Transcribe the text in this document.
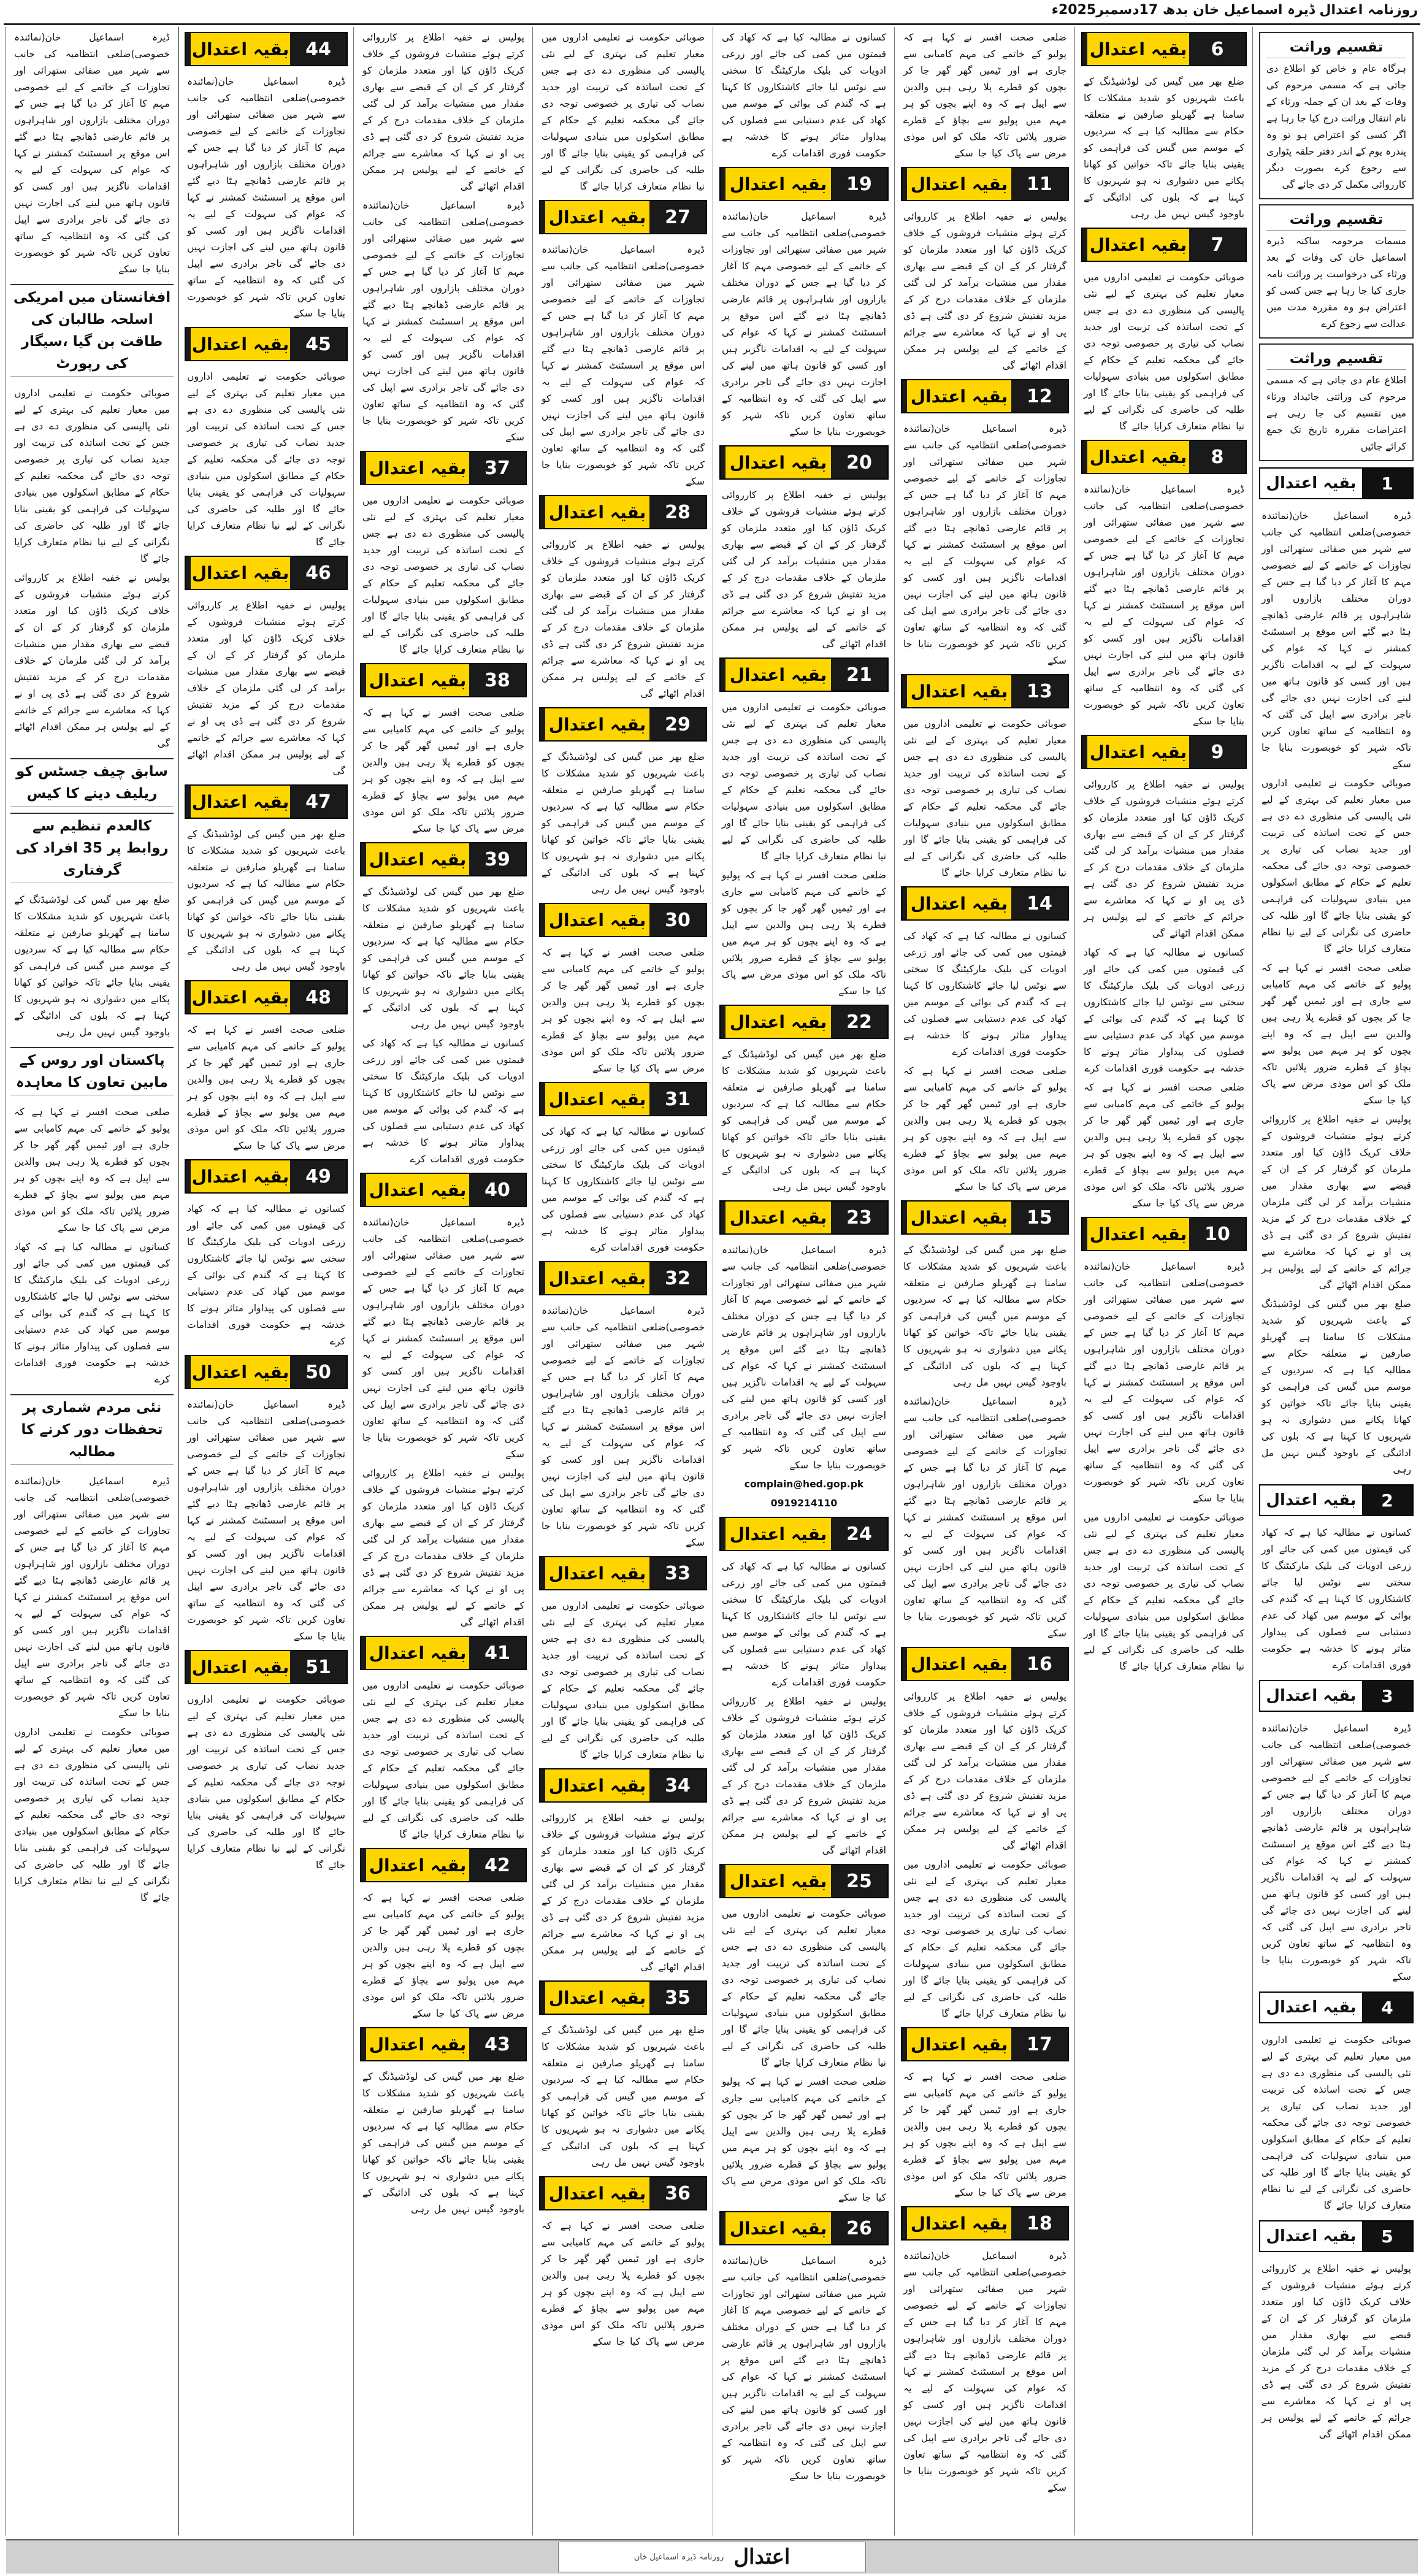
روزنامہ اعتدال ڈیرہ اسماعیل خان بدھ 17دسمبر2025ء
تقسیم وراثت
ہرگاہ عام و خاص کو اطلاع دی جاتی ہے کہ مسمی مرحوم کی وفات کے بعد ان کے جملہ ورثاء کے نام انتقال وراثت درج کیا جا رہا ہے اگر کسی کو اعتراض ہو تو وہ پندرہ یوم کے اندر دفتر حلقہ پٹواری سے رجوع کرے بصورت دیگر کارروائی مکمل کر دی جائے گی
تقسیم وراثت
مسمات مرحومہ ساکنہ ڈیرہ اسماعیل خان کی وفات کے بعد ورثاء کی درخواست پر وراثت نامہ جاری کیا جا رہا ہے جس کسی کو اعتراض ہو وہ مقررہ مدت میں عدالت سے رجوع کرے
تقسیم وراثت
اطلاع عام دی جاتی ہے کہ مسمی مرحوم کی وراثتی جائیداد ورثاء میں تقسیم کی جا رہی ہے اعتراضات مقررہ تاریخ تک جمع کرائے جائیں
بقیہ اعتدال	1
ڈیرہ اسماعیل خان(نمائندہ خصوصی)ضلعی انتظامیہ کی جانب سے شہر میں صفائی ستھرائی اور تجاوزات کے خاتمے کے لیے خصوصی مہم کا آغاز کر دیا گیا ہے جس کے دوران مختلف بازاروں اور شاہراہوں پر قائم عارضی ڈھانچے ہٹا دیے گئے اس موقع پر اسسٹنٹ کمشنر نے کہا کہ عوام کی سہولت کے لیے یہ اقدامات ناگزیر ہیں اور کسی کو قانون ہاتھ میں لینے کی اجازت نہیں دی جائے گی تاجر برادری سے اپیل کی گئی کہ وہ انتظامیہ کے ساتھ تعاون کریں تاکہ شہر کو خوبصورت بنایا جا سکے
صوبائی حکومت نے تعلیمی اداروں میں معیار تعلیم کی بہتری کے لیے نئی پالیسی کی منظوری دے دی ہے جس کے تحت اساتذہ کی تربیت اور جدید نصاب کی تیاری پر خصوصی توجہ دی جائے گی محکمہ تعلیم کے حکام کے مطابق اسکولوں میں بنیادی سہولیات کی فراہمی کو یقینی بنایا جائے گا اور طلبہ کی حاضری کی نگرانی کے لیے نیا نظام متعارف کرایا جائے گا
ضلعی صحت افسر نے کہا ہے کہ پولیو کے خاتمے کی مہم کامیابی سے جاری ہے اور ٹیمیں گھر گھر جا کر بچوں کو قطرے پلا رہی ہیں والدین سے اپیل ہے کہ وہ اپنے بچوں کو ہر مہم میں پولیو سے بچاؤ کے قطرے ضرور پلائیں تاکہ ملک کو اس موذی مرض سے پاک کیا جا سکے
پولیس نے خفیہ اطلاع پر کارروائی کرتے ہوئے منشیات فروشوں کے خلاف کریک ڈاؤن کیا اور متعدد ملزمان کو گرفتار کر کے ان کے قبضے سے بھاری مقدار میں منشیات برآمد کر لی گئی ملزمان کے خلاف مقدمات درج کر کے مزید تفتیش شروع کر دی گئی ہے ڈی پی او نے کہا کہ معاشرے سے جرائم کے خاتمے کے لیے پولیس ہر ممکن اقدام اٹھائے گی
ضلع بھر میں گیس کی لوڈشیڈنگ کے باعث شہریوں کو شدید مشکلات کا سامنا ہے گھریلو صارفین نے متعلقہ حکام سے مطالبہ کیا ہے کہ سردیوں کے موسم میں گیس کی فراہمی کو یقینی بنایا جائے تاکہ خواتین کو کھانا پکانے میں دشواری نہ ہو شہریوں کا کہنا ہے کہ بلوں کی ادائیگی کے باوجود گیس نہیں مل رہی
بقیہ اعتدال	2
کسانوں نے مطالبہ کیا ہے کہ کھاد کی قیمتوں میں کمی کی جائے اور زرعی ادویات کی بلیک مارکیٹنگ کا سختی سے نوٹس لیا جائے کاشتکاروں کا کہنا ہے کہ گندم کی بوائی کے موسم میں کھاد کی عدم دستیابی سے فصلوں کی پیداوار متاثر ہونے کا خدشہ ہے حکومت فوری اقدامات کرے
بقیہ اعتدال	3
ڈیرہ اسماعیل خان(نمائندہ خصوصی)ضلعی انتظامیہ کی جانب سے شہر میں صفائی ستھرائی اور تجاوزات کے خاتمے کے لیے خصوصی مہم کا آغاز کر دیا گیا ہے جس کے دوران مختلف بازاروں اور شاہراہوں پر قائم عارضی ڈھانچے ہٹا دیے گئے اس موقع پر اسسٹنٹ کمشنر نے کہا کہ عوام کی سہولت کے لیے یہ اقدامات ناگزیر ہیں اور کسی کو قانون ہاتھ میں لینے کی اجازت نہیں دی جائے گی تاجر برادری سے اپیل کی گئی کہ وہ انتظامیہ کے ساتھ تعاون کریں تاکہ شہر کو خوبصورت بنایا جا سکے
بقیہ اعتدال	4
صوبائی حکومت نے تعلیمی اداروں میں معیار تعلیم کی بہتری کے لیے نئی پالیسی کی منظوری دے دی ہے جس کے تحت اساتذہ کی تربیت اور جدید نصاب کی تیاری پر خصوصی توجہ دی جائے گی محکمہ تعلیم کے حکام کے مطابق اسکولوں میں بنیادی سہولیات کی فراہمی کو یقینی بنایا جائے گا اور طلبہ کی حاضری کی نگرانی کے لیے نیا نظام متعارف کرایا جائے گا
بقیہ اعتدال	5
پولیس نے خفیہ اطلاع پر کارروائی کرتے ہوئے منشیات فروشوں کے خلاف کریک ڈاؤن کیا اور متعدد ملزمان کو گرفتار کر کے ان کے قبضے سے بھاری مقدار میں منشیات برآمد کر لی گئی ملزمان کے خلاف مقدمات درج کر کے مزید تفتیش شروع کر دی گئی ہے ڈی پی او نے کہا کہ معاشرے سے جرائم کے خاتمے کے لیے پولیس ہر ممکن اقدام اٹھائے گی
بقیہ اعتدال	6
ضلع بھر میں گیس کی لوڈشیڈنگ کے باعث شہریوں کو شدید مشکلات کا سامنا ہے گھریلو صارفین نے متعلقہ حکام سے مطالبہ کیا ہے کہ سردیوں کے موسم میں گیس کی فراہمی کو یقینی بنایا جائے تاکہ خواتین کو کھانا پکانے میں دشواری نہ ہو شہریوں کا کہنا ہے کہ بلوں کی ادائیگی کے باوجود گیس نہیں مل رہی
بقیہ اعتدال	7
صوبائی حکومت نے تعلیمی اداروں میں معیار تعلیم کی بہتری کے لیے نئی پالیسی کی منظوری دے دی ہے جس کے تحت اساتذہ کی تربیت اور جدید نصاب کی تیاری پر خصوصی توجہ دی جائے گی محکمہ تعلیم کے حکام کے مطابق اسکولوں میں بنیادی سہولیات کی فراہمی کو یقینی بنایا جائے گا اور طلبہ کی حاضری کی نگرانی کے لیے نیا نظام متعارف کرایا جائے گا
بقیہ اعتدال	8
ڈیرہ اسماعیل خان(نمائندہ خصوصی)ضلعی انتظامیہ کی جانب سے شہر میں صفائی ستھرائی اور تجاوزات کے خاتمے کے لیے خصوصی مہم کا آغاز کر دیا گیا ہے جس کے دوران مختلف بازاروں اور شاہراہوں پر قائم عارضی ڈھانچے ہٹا دیے گئے اس موقع پر اسسٹنٹ کمشنر نے کہا کہ عوام کی سہولت کے لیے یہ اقدامات ناگزیر ہیں اور کسی کو قانون ہاتھ میں لینے کی اجازت نہیں دی جائے گی تاجر برادری سے اپیل کی گئی کہ وہ انتظامیہ کے ساتھ تعاون کریں تاکہ شہر کو خوبصورت بنایا جا سکے
بقیہ اعتدال	9
پولیس نے خفیہ اطلاع پر کارروائی کرتے ہوئے منشیات فروشوں کے خلاف کریک ڈاؤن کیا اور متعدد ملزمان کو گرفتار کر کے ان کے قبضے سے بھاری مقدار میں منشیات برآمد کر لی گئی ملزمان کے خلاف مقدمات درج کر کے مزید تفتیش شروع کر دی گئی ہے ڈی پی او نے کہا کہ معاشرے سے جرائم کے خاتمے کے لیے پولیس ہر ممکن اقدام اٹھائے گی
کسانوں نے مطالبہ کیا ہے کہ کھاد کی قیمتوں میں کمی کی جائے اور زرعی ادویات کی بلیک مارکیٹنگ کا سختی سے نوٹس لیا جائے کاشتکاروں کا کہنا ہے کہ گندم کی بوائی کے موسم میں کھاد کی عدم دستیابی سے فصلوں کی پیداوار متاثر ہونے کا خدشہ ہے حکومت فوری اقدامات کرے
ضلعی صحت افسر نے کہا ہے کہ پولیو کے خاتمے کی مہم کامیابی سے جاری ہے اور ٹیمیں گھر گھر جا کر بچوں کو قطرے پلا رہی ہیں والدین سے اپیل ہے کہ وہ اپنے بچوں کو ہر مہم میں پولیو سے بچاؤ کے قطرے ضرور پلائیں تاکہ ملک کو اس موذی مرض سے پاک کیا جا سکے
بقیہ اعتدال 10
ڈیرہ اسماعیل خان(نمائندہ خصوصی)ضلعی انتظامیہ کی جانب سے شہر میں صفائی ستھرائی اور تجاوزات کے خاتمے کے لیے خصوصی مہم کا آغاز کر دیا گیا ہے جس کے دوران مختلف بازاروں اور شاہراہوں پر قائم عارضی ڈھانچے ہٹا دیے گئے اس موقع پر اسسٹنٹ کمشنر نے کہا کہ عوام کی سہولت کے لیے یہ اقدامات ناگزیر ہیں اور کسی کو قانون ہاتھ میں لینے کی اجازت نہیں دی جائے گی تاجر برادری سے اپیل کی گئی کہ وہ انتظامیہ کے ساتھ تعاون کریں تاکہ شہر کو خوبصورت بنایا جا سکے
صوبائی حکومت نے تعلیمی اداروں میں معیار تعلیم کی بہتری کے لیے نئی پالیسی کی منظوری دے دی ہے جس کے تحت اساتذہ کی تربیت اور جدید نصاب کی تیاری پر خصوصی توجہ دی جائے گی محکمہ تعلیم کے حکام کے مطابق اسکولوں میں بنیادی سہولیات کی فراہمی کو یقینی بنایا جائے گا اور طلبہ کی حاضری کی نگرانی کے لیے نیا نظام متعارف کرایا جائے گا
ضلعی صحت افسر نے کہا ہے کہ پولیو کے خاتمے کی مہم کامیابی سے جاری ہے اور ٹیمیں گھر گھر جا کر بچوں کو قطرے پلا رہی ہیں والدین سے اپیل ہے کہ وہ اپنے بچوں کو ہر مہم میں پولیو سے بچاؤ کے قطرے ضرور پلائیں تاکہ ملک کو اس موذی مرض سے پاک کیا جا سکے
بقیہ اعتدال	11
پولیس نے خفیہ اطلاع پر کارروائی کرتے ہوئے منشیات فروشوں کے خلاف کریک ڈاؤن کیا اور متعدد ملزمان کو گرفتار کر کے ان کے قبضے سے بھاری مقدار میں منشیات برآمد کر لی گئی ملزمان کے خلاف مقدمات درج کر کے مزید تفتیش شروع کر دی گئی ہے ڈی پی او نے کہا کہ معاشرے سے جرائم کے خاتمے کے لیے پولیس ہر ممکن اقدام اٹھائے گی
بقیہ اعتدال	12
ڈیرہ اسماعیل خان(نمائندہ خصوصی)ضلعی انتظامیہ کی جانب سے شہر میں صفائی ستھرائی اور تجاوزات کے خاتمے کے لیے خصوصی مہم کا آغاز کر دیا گیا ہے جس کے دوران مختلف بازاروں اور شاہراہوں پر قائم عارضی ڈھانچے ہٹا دیے گئے اس موقع پر اسسٹنٹ کمشنر نے کہا کہ عوام کی سہولت کے لیے یہ اقدامات ناگزیر ہیں اور کسی کو قانون ہاتھ میں لینے کی اجازت نہیں دی جائے گی تاجر برادری سے اپیل کی گئی کہ وہ انتظامیہ کے ساتھ تعاون کریں تاکہ شہر کو خوبصورت بنایا جا سکے
بقیہ اعتدال	13
صوبائی حکومت نے تعلیمی اداروں میں معیار تعلیم کی بہتری کے لیے نئی پالیسی کی منظوری دے دی ہے جس کے تحت اساتذہ کی تربیت اور جدید نصاب کی تیاری پر خصوصی توجہ دی جائے گی محکمہ تعلیم کے حکام کے مطابق اسکولوں میں بنیادی سہولیات کی فراہمی کو یقینی بنایا جائے گا اور طلبہ کی حاضری کی نگرانی کے لیے نیا نظام متعارف کرایا جائے گا
بقیہ اعتدال	14
کسانوں نے مطالبہ کیا ہے کہ کھاد کی قیمتوں میں کمی کی جائے اور زرعی ادویات کی بلیک مارکیٹنگ کا سختی سے نوٹس لیا جائے کاشتکاروں کا کہنا ہے کہ گندم کی بوائی کے موسم میں کھاد کی عدم دستیابی سے فصلوں کی پیداوار متاثر ہونے کا خدشہ ہے حکومت فوری اقدامات کرے
ضلعی صحت افسر نے کہا ہے کہ پولیو کے خاتمے کی مہم کامیابی سے جاری ہے اور ٹیمیں گھر گھر جا کر بچوں کو قطرے پلا رہی ہیں والدین سے اپیل ہے کہ وہ اپنے بچوں کو ہر مہم میں پولیو سے بچاؤ کے قطرے ضرور پلائیں تاکہ ملک کو اس موذی مرض سے پاک کیا جا سکے
بقیہ اعتدال	15
ضلع بھر میں گیس کی لوڈشیڈنگ کے باعث شہریوں کو شدید مشکلات کا سامنا ہے گھریلو صارفین نے متعلقہ حکام سے مطالبہ کیا ہے کہ سردیوں کے موسم میں گیس کی فراہمی کو یقینی بنایا جائے تاکہ خواتین کو کھانا پکانے میں دشواری نہ ہو شہریوں کا کہنا ہے کہ بلوں کی ادائیگی کے باوجود گیس نہیں مل رہی
ڈیرہ اسماعیل خان(نمائندہ خصوصی)ضلعی انتظامیہ کی جانب سے شہر میں صفائی ستھرائی اور تجاوزات کے خاتمے کے لیے خصوصی مہم کا آغاز کر دیا گیا ہے جس کے دوران مختلف بازاروں اور شاہراہوں پر قائم عارضی ڈھانچے ہٹا دیے گئے اس موقع پر اسسٹنٹ کمشنر نے کہا کہ عوام کی سہولت کے لیے یہ اقدامات ناگزیر ہیں اور کسی کو قانون ہاتھ میں لینے کی اجازت نہیں دی جائے گی تاجر برادری سے اپیل کی گئی کہ وہ انتظامیہ کے ساتھ تعاون کریں تاکہ شہر کو خوبصورت بنایا جا سکے
بقیہ اعتدال	16
پولیس نے خفیہ اطلاع پر کارروائی کرتے ہوئے منشیات فروشوں کے خلاف کریک ڈاؤن کیا اور متعدد ملزمان کو گرفتار کر کے ان کے قبضے سے بھاری مقدار میں منشیات برآمد کر لی گئی ملزمان کے خلاف مقدمات درج کر کے مزید تفتیش شروع کر دی گئی ہے ڈی پی او نے کہا کہ معاشرے سے جرائم کے خاتمے کے لیے پولیس ہر ممکن اقدام اٹھائے گی
صوبائی حکومت نے تعلیمی اداروں میں معیار تعلیم کی بہتری کے لیے نئی پالیسی کی منظوری دے دی ہے جس کے تحت اساتذہ کی تربیت اور جدید نصاب کی تیاری پر خصوصی توجہ دی جائے گی محکمہ تعلیم کے حکام کے مطابق اسکولوں میں بنیادی سہولیات کی فراہمی کو یقینی بنایا جائے گا اور طلبہ کی حاضری کی نگرانی کے لیے نیا نظام متعارف کرایا جائے گا
بقیہ اعتدال	17
ضلعی صحت افسر نے کہا ہے کہ پولیو کے خاتمے کی مہم کامیابی سے جاری ہے اور ٹیمیں گھر گھر جا کر بچوں کو قطرے پلا رہی ہیں والدین سے اپیل ہے کہ وہ اپنے بچوں کو ہر مہم میں پولیو سے بچاؤ کے قطرے ضرور پلائیں تاکہ ملک کو اس موذی مرض سے پاک کیا جا سکے
بقیہ اعتدال	18
ڈیرہ اسماعیل خان(نمائندہ خصوصی)ضلعی انتظامیہ کی جانب سے شہر میں صفائی ستھرائی اور تجاوزات کے خاتمے کے لیے خصوصی مہم کا آغاز کر دیا گیا ہے جس کے دوران مختلف بازاروں اور شاہراہوں پر قائم عارضی ڈھانچے ہٹا دیے گئے اس موقع پر اسسٹنٹ کمشنر نے کہا کہ عوام کی سہولت کے لیے یہ اقدامات ناگزیر ہیں اور کسی کو قانون ہاتھ میں لینے کی اجازت نہیں دی جائے گی تاجر برادری سے اپیل کی گئی کہ وہ انتظامیہ کے ساتھ تعاون کریں تاکہ شہر کو خوبصورت بنایا جا سکے
کسانوں نے مطالبہ کیا ہے کہ کھاد کی قیمتوں میں کمی کی جائے اور زرعی ادویات کی بلیک مارکیٹنگ کا سختی سے نوٹس لیا جائے کاشتکاروں کا کہنا ہے کہ گندم کی بوائی کے موسم میں کھاد کی عدم دستیابی سے فصلوں کی پیداوار متاثر ہونے کا خدشہ ہے حکومت فوری اقدامات کرے
بقیہ اعتدال	19
ڈیرہ اسماعیل خان(نمائندہ خصوصی)ضلعی انتظامیہ کی جانب سے شہر میں صفائی ستھرائی اور تجاوزات کے خاتمے کے لیے خصوصی مہم کا آغاز کر دیا گیا ہے جس کے دوران مختلف بازاروں اور شاہراہوں پر قائم عارضی ڈھانچے ہٹا دیے گئے اس موقع پر اسسٹنٹ کمشنر نے کہا کہ عوام کی سہولت کے لیے یہ اقدامات ناگزیر ہیں اور کسی کو قانون ہاتھ میں لینے کی اجازت نہیں دی جائے گی تاجر برادری سے اپیل کی گئی کہ وہ انتظامیہ کے ساتھ تعاون کریں تاکہ شہر کو خوبصورت بنایا جا سکے
بقیہ اعتدال	20
پولیس نے خفیہ اطلاع پر کارروائی کرتے ہوئے منشیات فروشوں کے خلاف کریک ڈاؤن کیا اور متعدد ملزمان کو گرفتار کر کے ان کے قبضے سے بھاری مقدار میں منشیات برآمد کر لی گئی ملزمان کے خلاف مقدمات درج کر کے مزید تفتیش شروع کر دی گئی ہے ڈی پی او نے کہا کہ معاشرے سے جرائم کے خاتمے کے لیے پولیس ہر ممکن اقدام اٹھائے گی
بقیہ اعتدال	21
صوبائی حکومت نے تعلیمی اداروں میں معیار تعلیم کی بہتری کے لیے نئی پالیسی کی منظوری دے دی ہے جس کے تحت اساتذہ کی تربیت اور جدید نصاب کی تیاری پر خصوصی توجہ دی جائے گی محکمہ تعلیم کے حکام کے مطابق اسکولوں میں بنیادی سہولیات کی فراہمی کو یقینی بنایا جائے گا اور طلبہ کی حاضری کی نگرانی کے لیے نیا نظام متعارف کرایا جائے گا
ضلعی صحت افسر نے کہا ہے کہ پولیو کے خاتمے کی مہم کامیابی سے جاری ہے اور ٹیمیں گھر گھر جا کر بچوں کو قطرے پلا رہی ہیں والدین سے اپیل ہے کہ وہ اپنے بچوں کو ہر مہم میں پولیو سے بچاؤ کے قطرے ضرور پلائیں تاکہ ملک کو اس موذی مرض سے پاک کیا جا سکے
بقیہ اعتدال	22
ضلع بھر میں گیس کی لوڈشیڈنگ کے باعث شہریوں کو شدید مشکلات کا سامنا ہے گھریلو صارفین نے متعلقہ حکام سے مطالبہ کیا ہے کہ سردیوں کے موسم میں گیس کی فراہمی کو یقینی بنایا جائے تاکہ خواتین کو کھانا پکانے میں دشواری نہ ہو شہریوں کا کہنا ہے کہ بلوں کی ادائیگی کے باوجود گیس نہیں مل رہی
بقیہ اعتدال	23
ڈیرہ اسماعیل خان(نمائندہ خصوصی)ضلعی انتظامیہ کی جانب سے شہر میں صفائی ستھرائی اور تجاوزات کے خاتمے کے لیے خصوصی مہم کا آغاز کر دیا گیا ہے جس کے دوران مختلف بازاروں اور شاہراہوں پر قائم عارضی ڈھانچے ہٹا دیے گئے اس موقع پر اسسٹنٹ کمشنر نے کہا کہ عوام کی سہولت کے لیے یہ اقدامات ناگزیر ہیں اور کسی کو قانون ہاتھ میں لینے کی اجازت نہیں دی جائے گی تاجر برادری سے اپیل کی گئی کہ وہ انتظامیہ کے ساتھ تعاون کریں تاکہ شہر کو خوبصورت بنایا جا سکے
complain@hed.gop.pk
0919214110
بقیہ اعتدال	24
کسانوں نے مطالبہ کیا ہے کہ کھاد کی قیمتوں میں کمی کی جائے اور زرعی ادویات کی بلیک مارکیٹنگ کا سختی سے نوٹس لیا جائے کاشتکاروں کا کہنا ہے کہ گندم کی بوائی کے موسم میں کھاد کی عدم دستیابی سے فصلوں کی پیداوار متاثر ہونے کا خدشہ ہے حکومت فوری اقدامات کرے
پولیس نے خفیہ اطلاع پر کارروائی کرتے ہوئے منشیات فروشوں کے خلاف کریک ڈاؤن کیا اور متعدد ملزمان کو گرفتار کر کے ان کے قبضے سے بھاری مقدار میں منشیات برآمد کر لی گئی ملزمان کے خلاف مقدمات درج کر کے مزید تفتیش شروع کر دی گئی ہے ڈی پی او نے کہا کہ معاشرے سے جرائم کے خاتمے کے لیے پولیس ہر ممکن اقدام اٹھائے گی
بقیہ اعتدال	25
صوبائی حکومت نے تعلیمی اداروں میں معیار تعلیم کی بہتری کے لیے نئی پالیسی کی منظوری دے دی ہے جس کے تحت اساتذہ کی تربیت اور جدید نصاب کی تیاری پر خصوصی توجہ دی جائے گی محکمہ تعلیم کے حکام کے مطابق اسکولوں میں بنیادی سہولیات کی فراہمی کو یقینی بنایا جائے گا اور طلبہ کی حاضری کی نگرانی کے لیے نیا نظام متعارف کرایا جائے گا
ضلعی صحت افسر نے کہا ہے کہ پولیو کے خاتمے کی مہم کامیابی سے جاری ہے اور ٹیمیں گھر گھر جا کر بچوں کو قطرے پلا رہی ہیں والدین سے اپیل ہے کہ وہ اپنے بچوں کو ہر مہم میں پولیو سے بچاؤ کے قطرے ضرور پلائیں تاکہ ملک کو اس موذی مرض سے پاک کیا جا سکے
بقیہ اعتدال	26
ڈیرہ اسماعیل خان(نمائندہ خصوصی)ضلعی انتظامیہ کی جانب سے شہر میں صفائی ستھرائی اور تجاوزات کے خاتمے کے لیے خصوصی مہم کا آغاز کر دیا گیا ہے جس کے دوران مختلف بازاروں اور شاہراہوں پر قائم عارضی ڈھانچے ہٹا دیے گئے اس موقع پر اسسٹنٹ کمشنر نے کہا کہ عوام کی سہولت کے لیے یہ اقدامات ناگزیر ہیں اور کسی کو قانون ہاتھ میں لینے کی اجازت نہیں دی جائے گی تاجر برادری سے اپیل کی گئی کہ وہ انتظامیہ کے ساتھ تعاون کریں تاکہ شہر کو خوبصورت بنایا جا سکے
صوبائی حکومت نے تعلیمی اداروں میں معیار تعلیم کی بہتری کے لیے نئی پالیسی کی منظوری دے دی ہے جس کے تحت اساتذہ کی تربیت اور جدید نصاب کی تیاری پر خصوصی توجہ دی جائے گی محکمہ تعلیم کے حکام کے مطابق اسکولوں میں بنیادی سہولیات کی فراہمی کو یقینی بنایا جائے گا اور طلبہ کی حاضری کی نگرانی کے لیے نیا نظام متعارف کرایا جائے گا
بقیہ اعتدال	27
ڈیرہ اسماعیل خان(نمائندہ خصوصی)ضلعی انتظامیہ کی جانب سے شہر میں صفائی ستھرائی اور تجاوزات کے خاتمے کے لیے خصوصی مہم کا آغاز کر دیا گیا ہے جس کے دوران مختلف بازاروں اور شاہراہوں پر قائم عارضی ڈھانچے ہٹا دیے گئے اس موقع پر اسسٹنٹ کمشنر نے کہا کہ عوام کی سہولت کے لیے یہ اقدامات ناگزیر ہیں اور کسی کو قانون ہاتھ میں لینے کی اجازت نہیں دی جائے گی تاجر برادری سے اپیل کی گئی کہ وہ انتظامیہ کے ساتھ تعاون کریں تاکہ شہر کو خوبصورت بنایا جا سکے
بقیہ اعتدال	28
پولیس نے خفیہ اطلاع پر کارروائی کرتے ہوئے منشیات فروشوں کے خلاف کریک ڈاؤن کیا اور متعدد ملزمان کو گرفتار کر کے ان کے قبضے سے بھاری مقدار میں منشیات برآمد کر لی گئی ملزمان کے خلاف مقدمات درج کر کے مزید تفتیش شروع کر دی گئی ہے ڈی پی او نے کہا کہ معاشرے سے جرائم کے خاتمے کے لیے پولیس ہر ممکن اقدام اٹھائے گی
بقیہ اعتدال	29
ضلع بھر میں گیس کی لوڈشیڈنگ کے باعث شہریوں کو شدید مشکلات کا سامنا ہے گھریلو صارفین نے متعلقہ حکام سے مطالبہ کیا ہے کہ سردیوں کے موسم میں گیس کی فراہمی کو یقینی بنایا جائے تاکہ خواتین کو کھانا پکانے میں دشواری نہ ہو شہریوں کا کہنا ہے کہ بلوں کی ادائیگی کے باوجود گیس نہیں مل رہی
بقیہ اعتدال	30
ضلعی صحت افسر نے کہا ہے کہ پولیو کے خاتمے کی مہم کامیابی سے جاری ہے اور ٹیمیں گھر گھر جا کر بچوں کو قطرے پلا رہی ہیں والدین سے اپیل ہے کہ وہ اپنے بچوں کو ہر مہم میں پولیو سے بچاؤ کے قطرے ضرور پلائیں تاکہ ملک کو اس موذی مرض سے پاک کیا جا سکے
بقیہ اعتدال	31
کسانوں نے مطالبہ کیا ہے کہ کھاد کی قیمتوں میں کمی کی جائے اور زرعی ادویات کی بلیک مارکیٹنگ کا سختی سے نوٹس لیا جائے کاشتکاروں کا کہنا ہے کہ گندم کی بوائی کے موسم میں کھاد کی عدم دستیابی سے فصلوں کی پیداوار متاثر ہونے کا خدشہ ہے حکومت فوری اقدامات کرے
بقیہ اعتدال	32
ڈیرہ اسماعیل خان(نمائندہ خصوصی)ضلعی انتظامیہ کی جانب سے شہر میں صفائی ستھرائی اور تجاوزات کے خاتمے کے لیے خصوصی مہم کا آغاز کر دیا گیا ہے جس کے دوران مختلف بازاروں اور شاہراہوں پر قائم عارضی ڈھانچے ہٹا دیے گئے اس موقع پر اسسٹنٹ کمشنر نے کہا کہ عوام کی سہولت کے لیے یہ اقدامات ناگزیر ہیں اور کسی کو قانون ہاتھ میں لینے کی اجازت نہیں دی جائے گی تاجر برادری سے اپیل کی گئی کہ وہ انتظامیہ کے ساتھ تعاون کریں تاکہ شہر کو خوبصورت بنایا جا سکے
بقیہ اعتدال	33
صوبائی حکومت نے تعلیمی اداروں میں معیار تعلیم کی بہتری کے لیے نئی پالیسی کی منظوری دے دی ہے جس کے تحت اساتذہ کی تربیت اور جدید نصاب کی تیاری پر خصوصی توجہ دی جائے گی محکمہ تعلیم کے حکام کے مطابق اسکولوں میں بنیادی سہولیات کی فراہمی کو یقینی بنایا جائے گا اور طلبہ کی حاضری کی نگرانی کے لیے نیا نظام متعارف کرایا جائے گا
بقیہ اعتدال	34
پولیس نے خفیہ اطلاع پر کارروائی کرتے ہوئے منشیات فروشوں کے خلاف کریک ڈاؤن کیا اور متعدد ملزمان کو گرفتار کر کے ان کے قبضے سے بھاری مقدار میں منشیات برآمد کر لی گئی ملزمان کے خلاف مقدمات درج کر کے مزید تفتیش شروع کر دی گئی ہے ڈی پی او نے کہا کہ معاشرے سے جرائم کے خاتمے کے لیے پولیس ہر ممکن اقدام اٹھائے گی
بقیہ اعتدال	35
ضلع بھر میں گیس کی لوڈشیڈنگ کے باعث شہریوں کو شدید مشکلات کا سامنا ہے گھریلو صارفین نے متعلقہ حکام سے مطالبہ کیا ہے کہ سردیوں کے موسم میں گیس کی فراہمی کو یقینی بنایا جائے تاکہ خواتین کو کھانا پکانے میں دشواری نہ ہو شہریوں کا کہنا ہے کہ بلوں کی ادائیگی کے باوجود گیس نہیں مل رہی
بقیہ اعتدال	36
ضلعی صحت افسر نے کہا ہے کہ پولیو کے خاتمے کی مہم کامیابی سے جاری ہے اور ٹیمیں گھر گھر جا کر بچوں کو قطرے پلا رہی ہیں والدین سے اپیل ہے کہ وہ اپنے بچوں کو ہر مہم میں پولیو سے بچاؤ کے قطرے ضرور پلائیں تاکہ ملک کو اس موذی مرض سے پاک کیا جا سکے
پولیس نے خفیہ اطلاع پر کارروائی کرتے ہوئے منشیات فروشوں کے خلاف کریک ڈاؤن کیا اور متعدد ملزمان کو گرفتار کر کے ان کے قبضے سے بھاری مقدار میں منشیات برآمد کر لی گئی ملزمان کے خلاف مقدمات درج کر کے مزید تفتیش شروع کر دی گئی ہے ڈی پی او نے کہا کہ معاشرے سے جرائم کے خاتمے کے لیے پولیس ہر ممکن اقدام اٹھائے گی
ڈیرہ اسماعیل خان(نمائندہ خصوصی)ضلعی انتظامیہ کی جانب سے شہر میں صفائی ستھرائی اور تجاوزات کے خاتمے کے لیے خصوصی مہم کا آغاز کر دیا گیا ہے جس کے دوران مختلف بازاروں اور شاہراہوں پر قائم عارضی ڈھانچے ہٹا دیے گئے اس موقع پر اسسٹنٹ کمشنر نے کہا کہ عوام کی سہولت کے لیے یہ اقدامات ناگزیر ہیں اور کسی کو قانون ہاتھ میں لینے کی اجازت نہیں دی جائے گی تاجر برادری سے اپیل کی گئی کہ وہ انتظامیہ کے ساتھ تعاون کریں تاکہ شہر کو خوبصورت بنایا جا سکے
بقیہ اعتدال 37
صوبائی حکومت نے تعلیمی اداروں میں معیار تعلیم کی بہتری کے لیے نئی پالیسی کی منظوری دے دی ہے جس کے تحت اساتذہ کی تربیت اور جدید نصاب کی تیاری پر خصوصی توجہ دی جائے گی محکمہ تعلیم کے حکام کے مطابق اسکولوں میں بنیادی سہولیات کی فراہمی کو یقینی بنایا جائے گا اور طلبہ کی حاضری کی نگرانی کے لیے نیا نظام متعارف کرایا جائے گا
بقیہ اعتدال 38
ضلعی صحت افسر نے کہا ہے کہ پولیو کے خاتمے کی مہم کامیابی سے جاری ہے اور ٹیمیں گھر گھر جا کر بچوں کو قطرے پلا رہی ہیں والدین سے اپیل ہے کہ وہ اپنے بچوں کو ہر مہم میں پولیو سے بچاؤ کے قطرے ضرور پلائیں تاکہ ملک کو اس موذی مرض سے پاک کیا جا سکے
بقیہ اعتدال 39
ضلع بھر میں گیس کی لوڈشیڈنگ کے باعث شہریوں کو شدید مشکلات کا سامنا ہے گھریلو صارفین نے متعلقہ حکام سے مطالبہ کیا ہے کہ سردیوں کے موسم میں گیس کی فراہمی کو یقینی بنایا جائے تاکہ خواتین کو کھانا پکانے میں دشواری نہ ہو شہریوں کا کہنا ہے کہ بلوں کی ادائیگی کے باوجود گیس نہیں مل رہی
کسانوں نے مطالبہ کیا ہے کہ کھاد کی قیمتوں میں کمی کی جائے اور زرعی ادویات کی بلیک مارکیٹنگ کا سختی سے نوٹس لیا جائے کاشتکاروں کا کہنا ہے کہ گندم کی بوائی کے موسم میں کھاد کی عدم دستیابی سے فصلوں کی پیداوار متاثر ہونے کا خدشہ ہے حکومت فوری اقدامات کرے
بقیہ اعتدال 40
ڈیرہ اسماعیل خان(نمائندہ خصوصی)ضلعی انتظامیہ کی جانب سے شہر میں صفائی ستھرائی اور تجاوزات کے خاتمے کے لیے خصوصی مہم کا آغاز کر دیا گیا ہے جس کے دوران مختلف بازاروں اور شاہراہوں پر قائم عارضی ڈھانچے ہٹا دیے گئے اس موقع پر اسسٹنٹ کمشنر نے کہا کہ عوام کی سہولت کے لیے یہ اقدامات ناگزیر ہیں اور کسی کو قانون ہاتھ میں لینے کی اجازت نہیں دی جائے گی تاجر برادری سے اپیل کی گئی کہ وہ انتظامیہ کے ساتھ تعاون کریں تاکہ شہر کو خوبصورت بنایا جا سکے
پولیس نے خفیہ اطلاع پر کارروائی کرتے ہوئے منشیات فروشوں کے خلاف کریک ڈاؤن کیا اور متعدد ملزمان کو گرفتار کر کے ان کے قبضے سے بھاری مقدار میں منشیات برآمد کر لی گئی ملزمان کے خلاف مقدمات درج کر کے مزید تفتیش شروع کر دی گئی ہے ڈی پی او نے کہا کہ معاشرے سے جرائم کے خاتمے کے لیے پولیس ہر ممکن اقدام اٹھائے گی
بقیہ اعتدال 41
صوبائی حکومت نے تعلیمی اداروں میں معیار تعلیم کی بہتری کے لیے نئی پالیسی کی منظوری دے دی ہے جس کے تحت اساتذہ کی تربیت اور جدید نصاب کی تیاری پر خصوصی توجہ دی جائے گی محکمہ تعلیم کے حکام کے مطابق اسکولوں میں بنیادی سہولیات کی فراہمی کو یقینی بنایا جائے گا اور طلبہ کی حاضری کی نگرانی کے لیے نیا نظام متعارف کرایا جائے گا
بقیہ اعتدال 42
ضلعی صحت افسر نے کہا ہے کہ پولیو کے خاتمے کی مہم کامیابی سے جاری ہے اور ٹیمیں گھر گھر جا کر بچوں کو قطرے پلا رہی ہیں والدین سے اپیل ہے کہ وہ اپنے بچوں کو ہر مہم میں پولیو سے بچاؤ کے قطرے ضرور پلائیں تاکہ ملک کو اس موذی مرض سے پاک کیا جا سکے
بقیہ اعتدال 43
ضلع بھر میں گیس کی لوڈشیڈنگ کے باعث شہریوں کو شدید مشکلات کا سامنا ہے گھریلو صارفین نے متعلقہ حکام سے مطالبہ کیا ہے کہ سردیوں کے موسم میں گیس کی فراہمی کو یقینی بنایا جائے تاکہ خواتین کو کھانا پکانے میں دشواری نہ ہو شہریوں کا کہنا ہے کہ بلوں کی ادائیگی کے باوجود گیس نہیں مل رہی
بقیہ اعتدال 44
ڈیرہ اسماعیل خان(نمائندہ خصوصی)ضلعی انتظامیہ کی جانب سے شہر میں صفائی ستھرائی اور تجاوزات کے خاتمے کے لیے خصوصی مہم کا آغاز کر دیا گیا ہے جس کے دوران مختلف بازاروں اور شاہراہوں پر قائم عارضی ڈھانچے ہٹا دیے گئے اس موقع پر اسسٹنٹ کمشنر نے کہا کہ عوام کی سہولت کے لیے یہ اقدامات ناگزیر ہیں اور کسی کو قانون ہاتھ میں لینے کی اجازت نہیں دی جائے گی تاجر برادری سے اپیل کی گئی کہ وہ انتظامیہ کے ساتھ تعاون کریں تاکہ شہر کو خوبصورت بنایا جا سکے
بقیہ اعتدال 45
صوبائی حکومت نے تعلیمی اداروں میں معیار تعلیم کی بہتری کے لیے نئی پالیسی کی منظوری دے دی ہے جس کے تحت اساتذہ کی تربیت اور جدید نصاب کی تیاری پر خصوصی توجہ دی جائے گی محکمہ تعلیم کے حکام کے مطابق اسکولوں میں بنیادی سہولیات کی فراہمی کو یقینی بنایا جائے گا اور طلبہ کی حاضری کی نگرانی کے لیے نیا نظام متعارف کرایا جائے گا
بقیہ اعتدال 46
پولیس نے خفیہ اطلاع پر کارروائی کرتے ہوئے منشیات فروشوں کے خلاف کریک ڈاؤن کیا اور متعدد ملزمان کو گرفتار کر کے ان کے قبضے سے بھاری مقدار میں منشیات برآمد کر لی گئی ملزمان کے خلاف مقدمات درج کر کے مزید تفتیش شروع کر دی گئی ہے ڈی پی او نے کہا کہ معاشرے سے جرائم کے خاتمے کے لیے پولیس ہر ممکن اقدام اٹھائے گی
بقیہ اعتدال 47
ضلع بھر میں گیس کی لوڈشیڈنگ کے باعث شہریوں کو شدید مشکلات کا سامنا ہے گھریلو صارفین نے متعلقہ حکام سے مطالبہ کیا ہے کہ سردیوں کے موسم میں گیس کی فراہمی کو یقینی بنایا جائے تاکہ خواتین کو کھانا پکانے میں دشواری نہ ہو شہریوں کا کہنا ہے کہ بلوں کی ادائیگی کے باوجود گیس نہیں مل رہی
بقیہ اعتدال 48
ضلعی صحت افسر نے کہا ہے کہ پولیو کے خاتمے کی مہم کامیابی سے جاری ہے اور ٹیمیں گھر گھر جا کر بچوں کو قطرے پلا رہی ہیں والدین سے اپیل ہے کہ وہ اپنے بچوں کو ہر مہم میں پولیو سے بچاؤ کے قطرے ضرور پلائیں تاکہ ملک کو اس موذی مرض سے پاک کیا جا سکے
بقیہ اعتدال 49
کسانوں نے مطالبہ کیا ہے کہ کھاد کی قیمتوں میں کمی کی جائے اور زرعی ادویات کی بلیک مارکیٹنگ کا سختی سے نوٹس لیا جائے کاشتکاروں کا کہنا ہے کہ گندم کی بوائی کے موسم میں کھاد کی عدم دستیابی سے فصلوں کی پیداوار متاثر ہونے کا خدشہ ہے حکومت فوری اقدامات کرے
بقیہ اعتدال 50
ڈیرہ اسماعیل خان(نمائندہ خصوصی)ضلعی انتظامیہ کی جانب سے شہر میں صفائی ستھرائی اور تجاوزات کے خاتمے کے لیے خصوصی مہم کا آغاز کر دیا گیا ہے جس کے دوران مختلف بازاروں اور شاہراہوں پر قائم عارضی ڈھانچے ہٹا دیے گئے اس موقع پر اسسٹنٹ کمشنر نے کہا کہ عوام کی سہولت کے لیے یہ اقدامات ناگزیر ہیں اور کسی کو قانون ہاتھ میں لینے کی اجازت نہیں دی جائے گی تاجر برادری سے اپیل کی گئی کہ وہ انتظامیہ کے ساتھ تعاون کریں تاکہ شہر کو خوبصورت بنایا جا سکے
بقیہ اعتدال 51
صوبائی حکومت نے تعلیمی اداروں میں معیار تعلیم کی بہتری کے لیے نئی پالیسی کی منظوری دے دی ہے جس کے تحت اساتذہ کی تربیت اور جدید نصاب کی تیاری پر خصوصی توجہ دی جائے گی محکمہ تعلیم کے حکام کے مطابق اسکولوں میں بنیادی سہولیات کی فراہمی کو یقینی بنایا جائے گا اور طلبہ کی حاضری کی نگرانی کے لیے نیا نظام متعارف کرایا جائے گا
ڈیرہ اسماعیل خان(نمائندہ خصوصی)ضلعی انتظامیہ کی جانب سے شہر میں صفائی ستھرائی اور تجاوزات کے خاتمے کے لیے خصوصی مہم کا آغاز کر دیا گیا ہے جس کے دوران مختلف بازاروں اور شاہراہوں پر قائم عارضی ڈھانچے ہٹا دیے گئے اس موقع پر اسسٹنٹ کمشنر نے کہا کہ عوام کی سہولت کے لیے یہ اقدامات ناگزیر ہیں اور کسی کو قانون ہاتھ میں لینے کی اجازت نہیں دی جائے گی تاجر برادری سے اپیل کی گئی کہ وہ انتظامیہ کے ساتھ تعاون کریں تاکہ شہر کو خوبصورت بنایا جا سکے
افغانستان میں امریکی اسلحہ طالبان کی طاقت بن گیا ،سیگار کی رپورٹ
صوبائی حکومت نے تعلیمی اداروں میں معیار تعلیم کی بہتری کے لیے نئی پالیسی کی منظوری دے دی ہے جس کے تحت اساتذہ کی تربیت اور جدید نصاب کی تیاری پر خصوصی توجہ دی جائے گی محکمہ تعلیم کے حکام کے مطابق اسکولوں میں بنیادی سہولیات کی فراہمی کو یقینی بنایا جائے گا اور طلبہ کی حاضری کی نگرانی کے لیے نیا نظام متعارف کرایا جائے گا
پولیس نے خفیہ اطلاع پر کارروائی کرتے ہوئے منشیات فروشوں کے خلاف کریک ڈاؤن کیا اور متعدد ملزمان کو گرفتار کر کے ان کے قبضے سے بھاری مقدار میں منشیات برآمد کر لی گئی ملزمان کے خلاف مقدمات درج کر کے مزید تفتیش شروع کر دی گئی ہے ڈی پی او نے کہا کہ معاشرے سے جرائم کے خاتمے کے لیے پولیس ہر ممکن اقدام اٹھائے گی
سابق چیف جسٹس کو ریلیف دینے کا کیس
کالعدم تنظیم سے روابط پر 35 افراد کی گرفتاری
ضلع بھر میں گیس کی لوڈشیڈنگ کے باعث شہریوں کو شدید مشکلات کا سامنا ہے گھریلو صارفین نے متعلقہ حکام سے مطالبہ کیا ہے کہ سردیوں کے موسم میں گیس کی فراہمی کو یقینی بنایا جائے تاکہ خواتین کو کھانا پکانے میں دشواری نہ ہو شہریوں کا کہنا ہے کہ بلوں کی ادائیگی کے باوجود گیس نہیں مل رہی
پاکستان اور روس کے مابین تعاون کا معاہدہ
ضلعی صحت افسر نے کہا ہے کہ پولیو کے خاتمے کی مہم کامیابی سے جاری ہے اور ٹیمیں گھر گھر جا کر بچوں کو قطرے پلا رہی ہیں والدین سے اپیل ہے کہ وہ اپنے بچوں کو ہر مہم میں پولیو سے بچاؤ کے قطرے ضرور پلائیں تاکہ ملک کو اس موذی مرض سے پاک کیا جا سکے
کسانوں نے مطالبہ کیا ہے کہ کھاد کی قیمتوں میں کمی کی جائے اور زرعی ادویات کی بلیک مارکیٹنگ کا سختی سے نوٹس لیا جائے کاشتکاروں کا کہنا ہے کہ گندم کی بوائی کے موسم میں کھاد کی عدم دستیابی سے فصلوں کی پیداوار متاثر ہونے کا خدشہ ہے حکومت فوری اقدامات کرے
نئی مردم شماری پر تحفظات دور کرنے کا مطالبہ
ڈیرہ اسماعیل خان(نمائندہ خصوصی)ضلعی انتظامیہ کی جانب سے شہر میں صفائی ستھرائی اور تجاوزات کے خاتمے کے لیے خصوصی مہم کا آغاز کر دیا گیا ہے جس کے دوران مختلف بازاروں اور شاہراہوں پر قائم عارضی ڈھانچے ہٹا دیے گئے اس موقع پر اسسٹنٹ کمشنر نے کہا کہ عوام کی سہولت کے لیے یہ اقدامات ناگزیر ہیں اور کسی کو قانون ہاتھ میں لینے کی اجازت نہیں دی جائے گی تاجر برادری سے اپیل کی گئی کہ وہ انتظامیہ کے ساتھ تعاون کریں تاکہ شہر کو خوبصورت بنایا جا سکے
صوبائی حکومت نے تعلیمی اداروں میں معیار تعلیم کی بہتری کے لیے نئی پالیسی کی منظوری دے دی ہے جس کے تحت اساتذہ کی تربیت اور جدید نصاب کی تیاری پر خصوصی توجہ دی جائے گی محکمہ تعلیم کے حکام کے مطابق اسکولوں میں بنیادی سہولیات کی فراہمی کو یقینی بنایا جائے گا اور طلبہ کی حاضری کی نگرانی کے لیے نیا نظام متعارف کرایا جائے گا
اعتدال
روزنامہ ڈیرہ اسماعیل خان
